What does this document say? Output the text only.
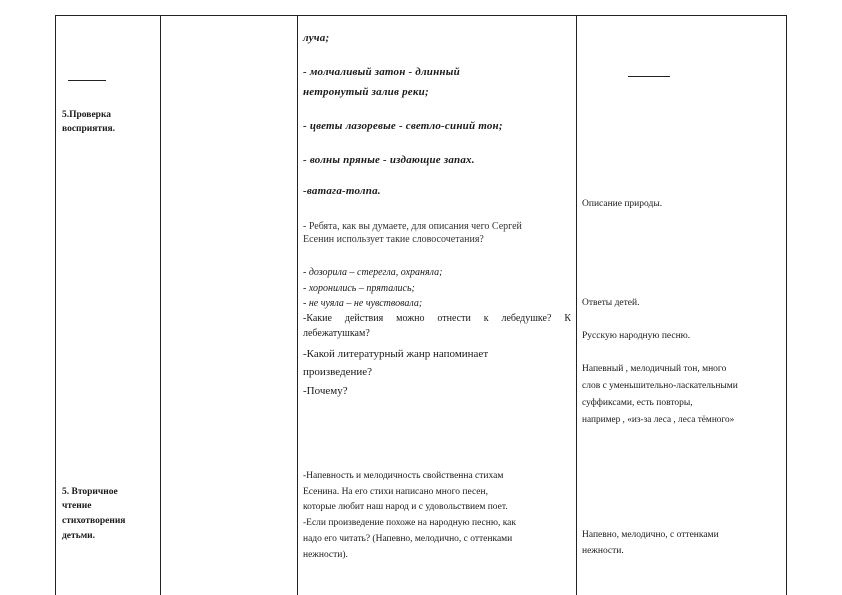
5.Проверка
восприятия.
5. Вторичное
чтение
стихотворения
детьми.
луча;
- молчаливый затон - длинный
нетронутый залив реки;
- цветы лазоревые - светло-синий тон;
- волны пряные - издающие запах.
-ватага-толпа.
- Ребята, как вы думаете, для описания чего Сергей
Есенин использует такие словосочетания?
- дозорила – стерегла, охраняла;
- хоронились – прятались;
- не чуяла – не чувствовала;
-Какие действия можно отнести к лебедушке? К
лебежатушкам?
-Какой литературный жанр напоминает
произведение?
-Почему?
-Напевность и мелодичность свойственна стихам
Есенина. На его стихи написано много песен,
которые любит наш народ и с удовольствием поет.
-Если произведение похоже на народную песню, как
надо его читать? (Напевно, мелодично, с оттенками
нежности).
Описание природы.
Ответы детей.
Русскую народную песню.
Напевный , мелодичный тон, много
слов с уменьшительно-ласкательными
суффиксами, есть повторы,
например , «из-за леса , леса тёмного»
Напевно, мелодично, с оттенками
нежности.
